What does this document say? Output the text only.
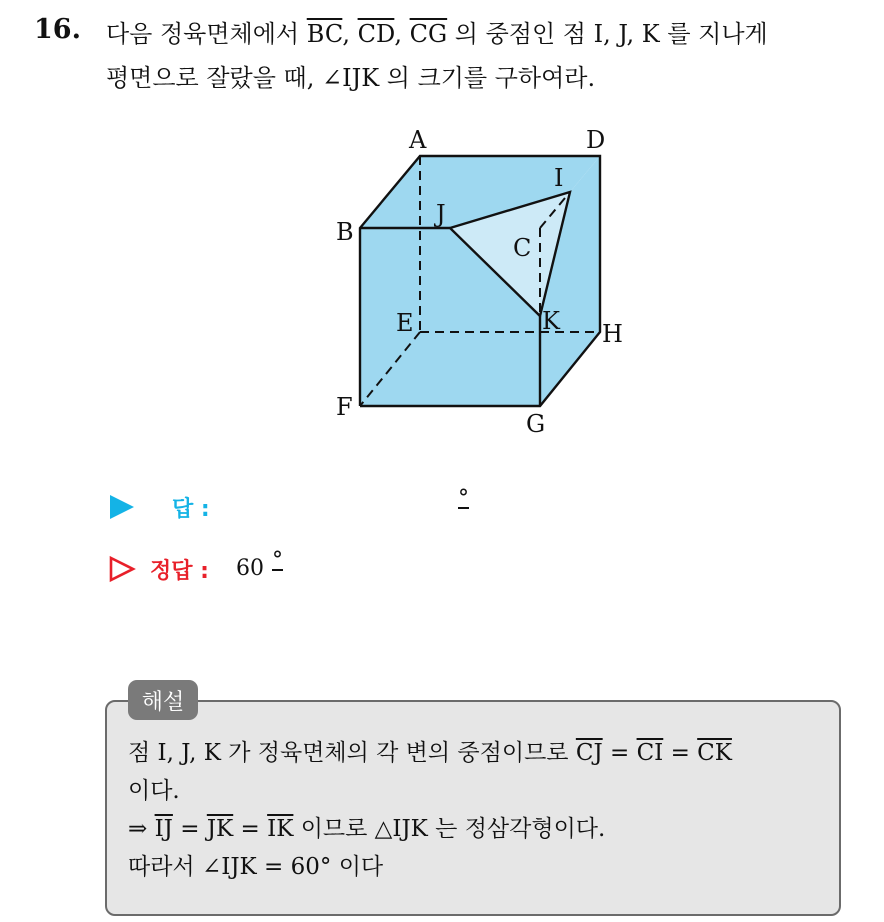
16. 다음 정육면체에서 $\overline{BC}$, $\overline{CD}$, $\overline{CG}$ 의 중점인 점 I, J, K 를 지나게
평면으로 잘랐을 때, ∠IJK 의 크기를 구하여라.
A	D
B
I
J
C
E	K H
F
G
답 :	°
정답 : 60 °
해설
점 I, J, K 가 정육면체의 각 변의 중점이므로 $\overline{CJ} = \overline{CI} = \overline{CK}$
이다.
⇒ $\overline{IJ} = \overline{JK} = \overline{IK}$ 이므로 △IJK 는 정삼각형이다.
따라서 ∠IJK = 60° 이다
